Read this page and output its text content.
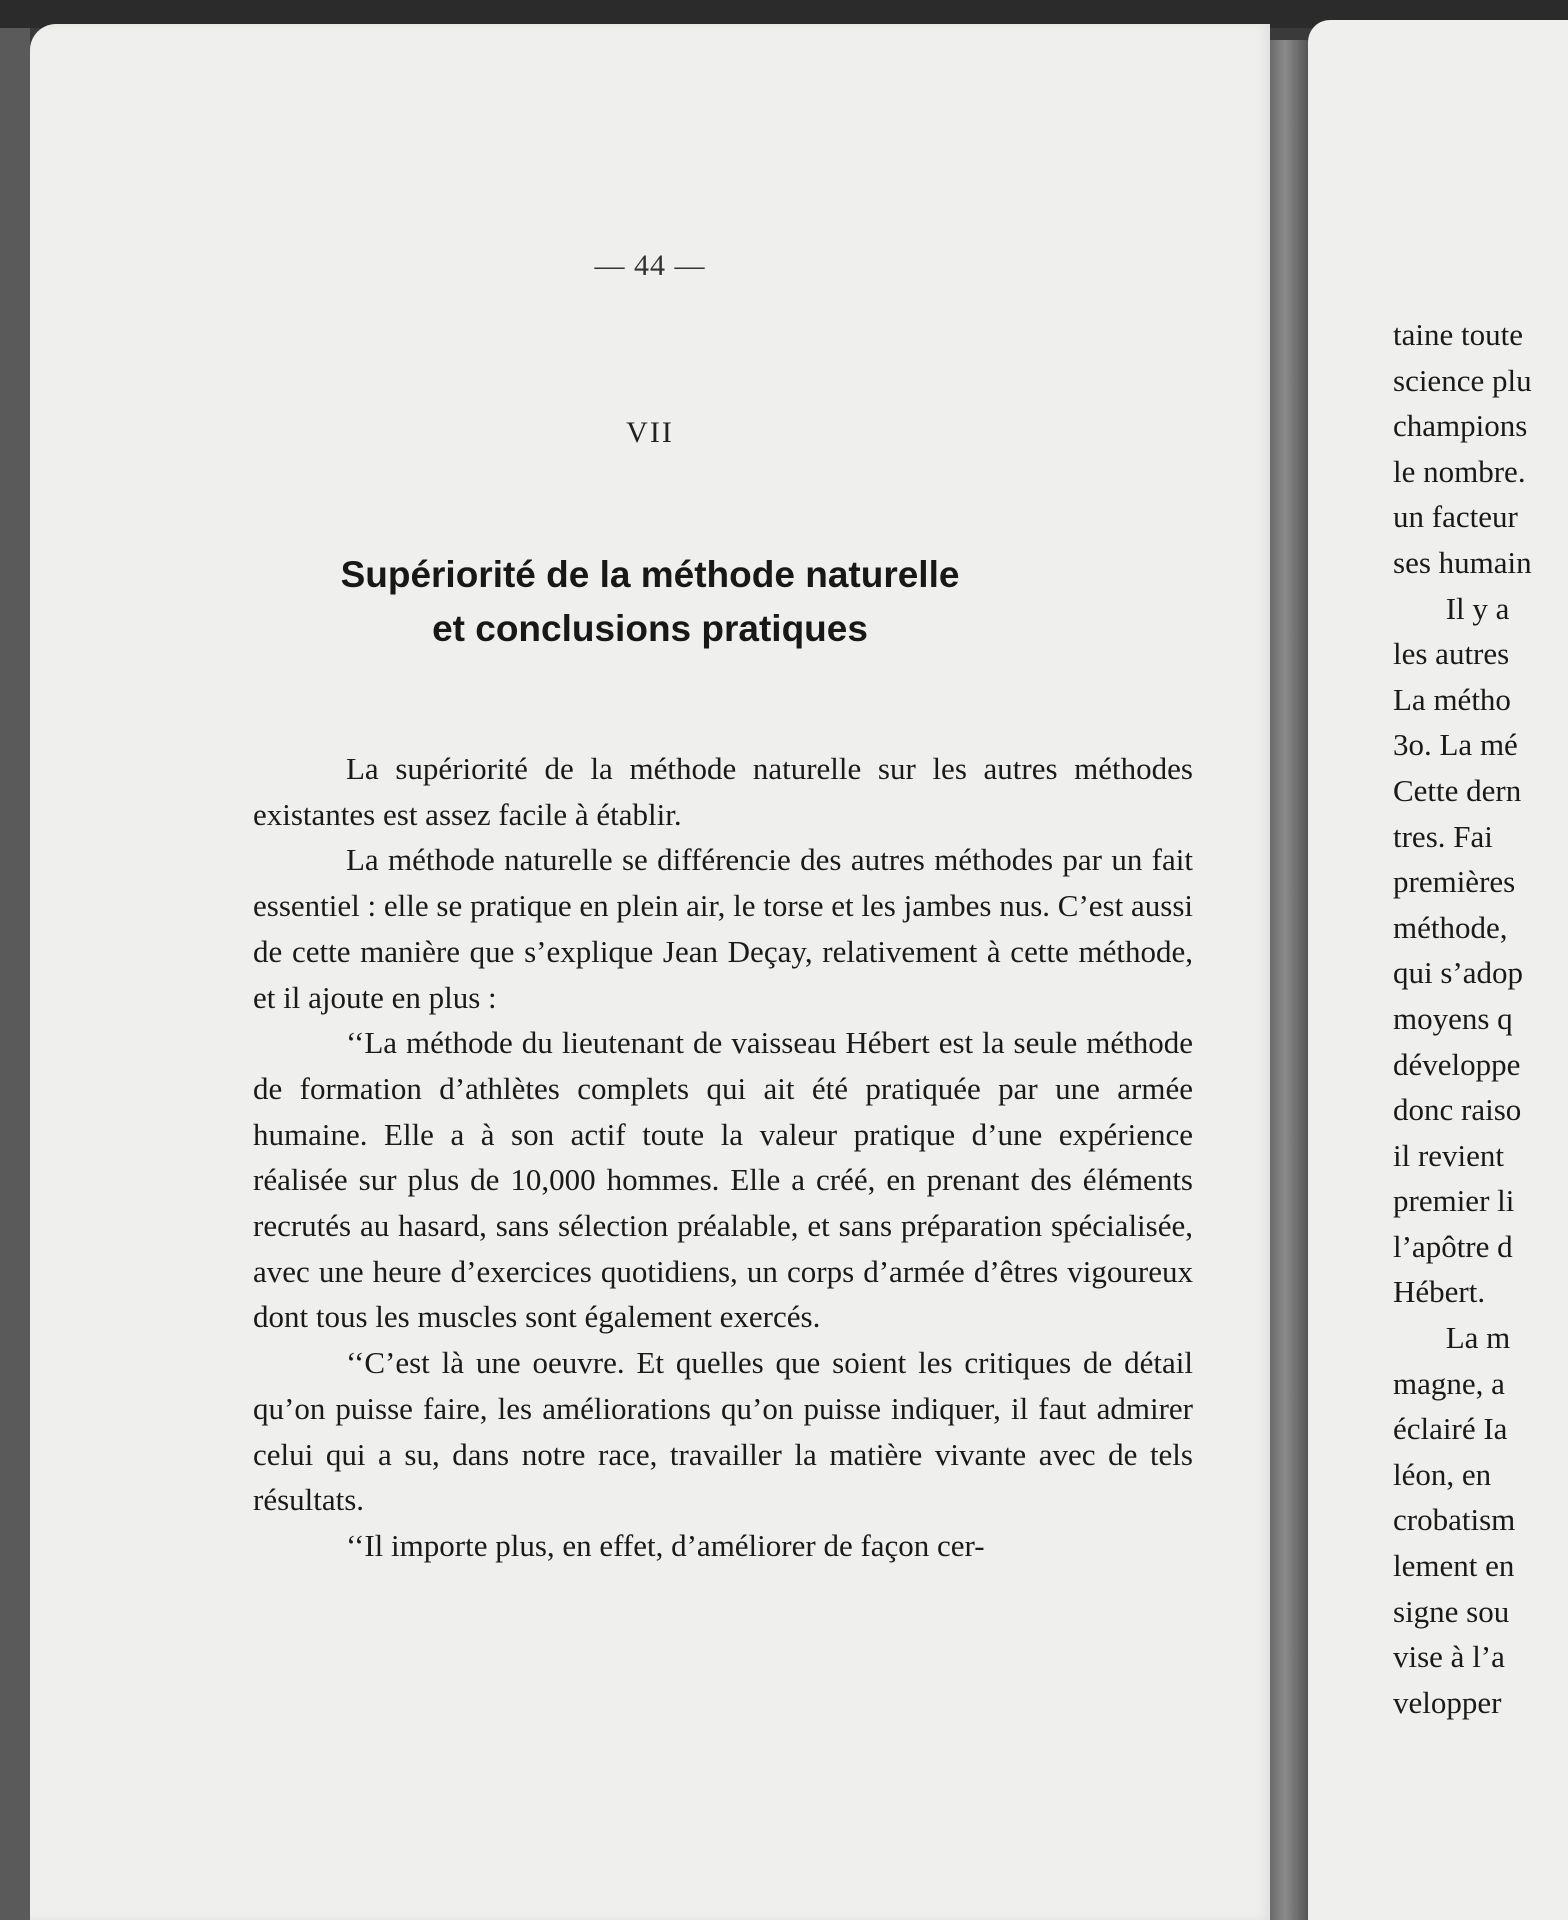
— 44 —
VII
Supériorité de la méthode naturelle
et conclusions pratiques

La supériorité de la méthode naturelle sur les autres méthodes existantes est assez facile à établir.

La méthode naturelle se différencie des autres méthodes par un fait essentiel : elle se pratique en plein air, le torse et les jambes nus. C’est aussi de cette manière que s’explique Jean Deçay, relativement à cette méthode, et il ajoute en plus :

‘‘La méthode du lieutenant de vaisseau Hébert est la seule méthode de formation d’athlètes complets qui ait été pratiquée par une armée humaine. Elle a à son actif toute la valeur pratique d’une expérience réalisée sur plus de 10,000 hommes. Elle a créé, en prenant des éléments recrutés au hasard, sans sélection préalable, et sans préparation spécialisée, avec une heure d’exercices quotidiens, un corps d’armée d’êtres vigoureux dont tous les muscles sont également exercés.

‘‘C’est là une oeuvre. Et quelles que soient les critiques de détail qu’on puisse faire, les améliorations qu’on puisse indiquer, il faut admirer celui qui a su, dans notre race, travailler la matière vivante avec de tels résultats.

‘‘Il importe plus, en effet, d’améliorer de façon cer-

taine toute
science plu
champions
le nombre.
un facteur
ses humain
Il y a
les autres
La métho
3o. La mé
Cette dern
tres. Fai
premières
méthode,
qui s’adop
moyens q
développe
donc raiso
il revient
premier li
l’apôtre d
Hébert.
La m
magne, a
éclairé Ia
léon, en
crobatism
lement en
signe sou
vise à l’a
velopper
